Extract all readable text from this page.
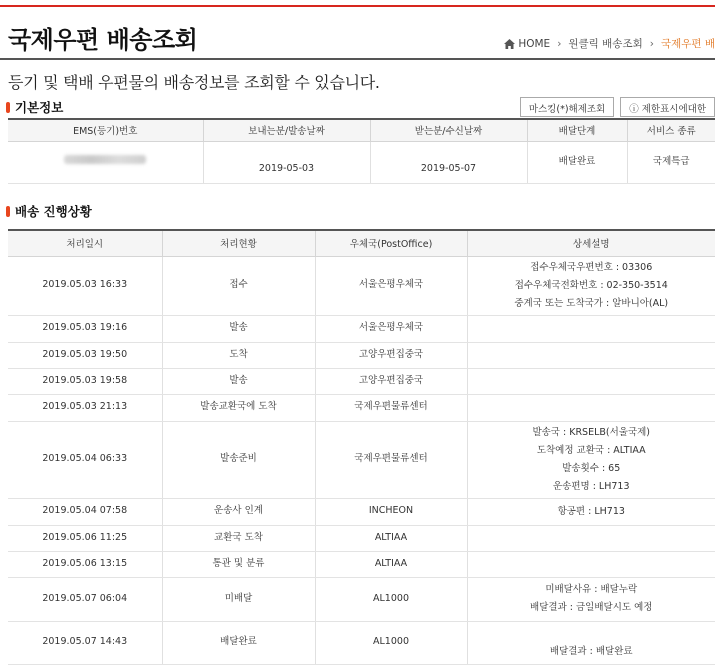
국제우편 배송조회	HOME › 원클릭 배송조회 › 국제우편 배
등기 및 택배 우편물의 배송정보를 조회할 수 있습니다.
기본정보	마스킹(*)해제조회	ⓘ 제한표시에대한
EMS(등기)번호	보내는분/발송날짜	받는분/수신날짜	배달단계	서비스 종류
	2019-05-03	2019-05-07	배달완료	국제특급
배송 진행상황
처리일시	처리현황	우체국(PostOffice)	상세설명
2019.05.03 16:33	접수	서울은평우체국	접수우체국우편번호 : 03306
접수우체국전화번호 : 02-350-3514
중계국 또는 도착국가 : 알바니아(AL)

2019.05.03 19:16	발송	서울은평우체국	
2019.05.03 19:50	도착	고양우편집중국	
2019.05.03 19:58	발송	고양우편집중국	
2019.05.03 21:13	발송교환국에 도착	국제우편물류센터	
2019.05.04 06:33	발송준비	국제우편물류센터	발송국 : KRSELB(서울국제)
도착예정 교환국 : ALTIAA
발송횟수 : 65
운송편명 : LH713

2019.05.04 07:58	운송사 인계	INCHEON	항공편 : LH713

2019.05.06 11:25	교환국 도착	ALTIAA	
2019.05.06 13:15	통관 및 분류	ALTIAA	
2019.05.07 06:04	미배달	AL1000	미배달사유 : 배달누락
배달결과 : 금일배달시도 예정

2019.05.07 14:43	배달완료	AL1000	배달결과 : 배달완료
